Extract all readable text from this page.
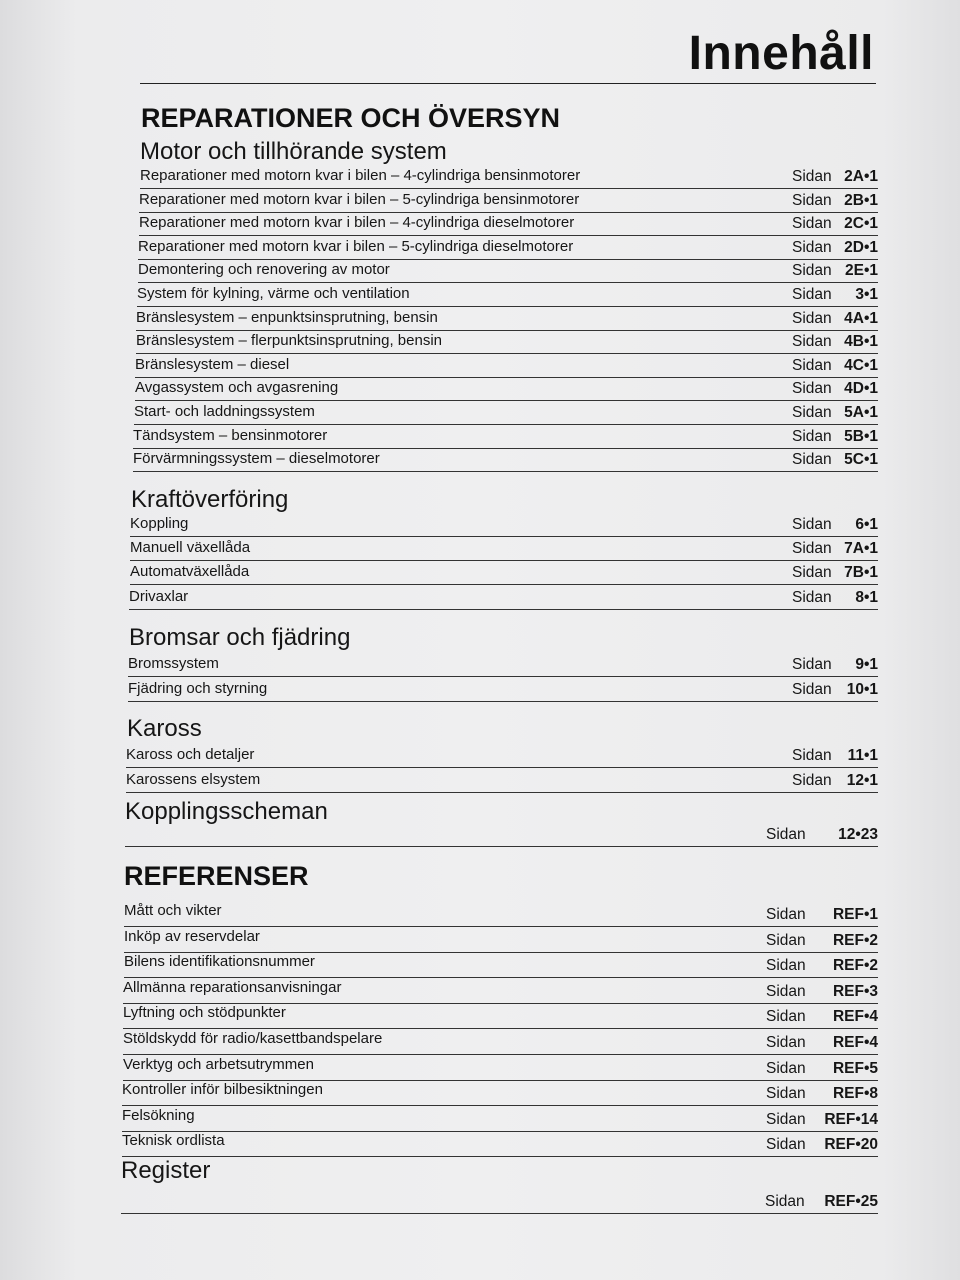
Innehåll
REPARATIONER OCH ÖVERSYN
Motor och tillhörande system
Reparationer med motorn kvar i bilen – 4-cylindriga bensinmotorer	Sidan 2A•1
Reparationer med motorn kvar i bilen – 5-cylindriga bensinmotorer	Sidan 2B•1
Reparationer med motorn kvar i bilen – 4-cylindriga dieselmotorer	Sidan 2C•1
Reparationer med motorn kvar i bilen – 5-cylindriga dieselmotorer	Sidan 2D•1
Demontering och renovering av motor	Sidan 2E•1
System för kylning, värme och ventilation	Sidan 3•1
Bränslesystem – enpunktsinsprutning, bensin	Sidan 4A•1
Bränslesystem – flerpunktsinsprutning, bensin	Sidan 4B•1
Bränslesystem – diesel	Sidan 4C•1
Avgassystem och avgasrening	Sidan 4D•1
Start- och laddningssystem	Sidan 5A•1
Tändsystem – bensinmotorer	Sidan 5B•1
Förvärmningssystem – dieselmotorer	Sidan 5C•1
Kraftöverföring
Koppling	Sidan 6•1
Manuell växellåda	Sidan 7A•1
Automatväxellåda	Sidan 7B•1
Drivaxlar	Sidan 8•1
Bromsar och fjädring
Bromssystem	Sidan 9•1
Fjädring och styrning	Sidan 10•1
Kaross
Kaross och detaljer	Sidan 11•1
Karossens elsystem	Sidan 12•1
Kopplingsscheman
Sidan 12•23
REFERENSER
Mått och vikter	Sidan REF•1
Inköp av reservdelar	Sidan REF•2
Bilens identifikationsnummer	Sidan REF•2
Allmänna reparationsanvisningar	Sidan REF•3
Lyftning och stödpunkter	Sidan REF•4
Stöldskydd för radio/kasettbandspelare	Sidan REF•4
Verktyg och arbetsutrymmen	Sidan REF•5
Kontroller inför bilbesiktningen	Sidan REF•8
Felsökning	Sidan REF•14
Teknisk ordlista	Sidan REF•20
Register
Sidan REF•25
